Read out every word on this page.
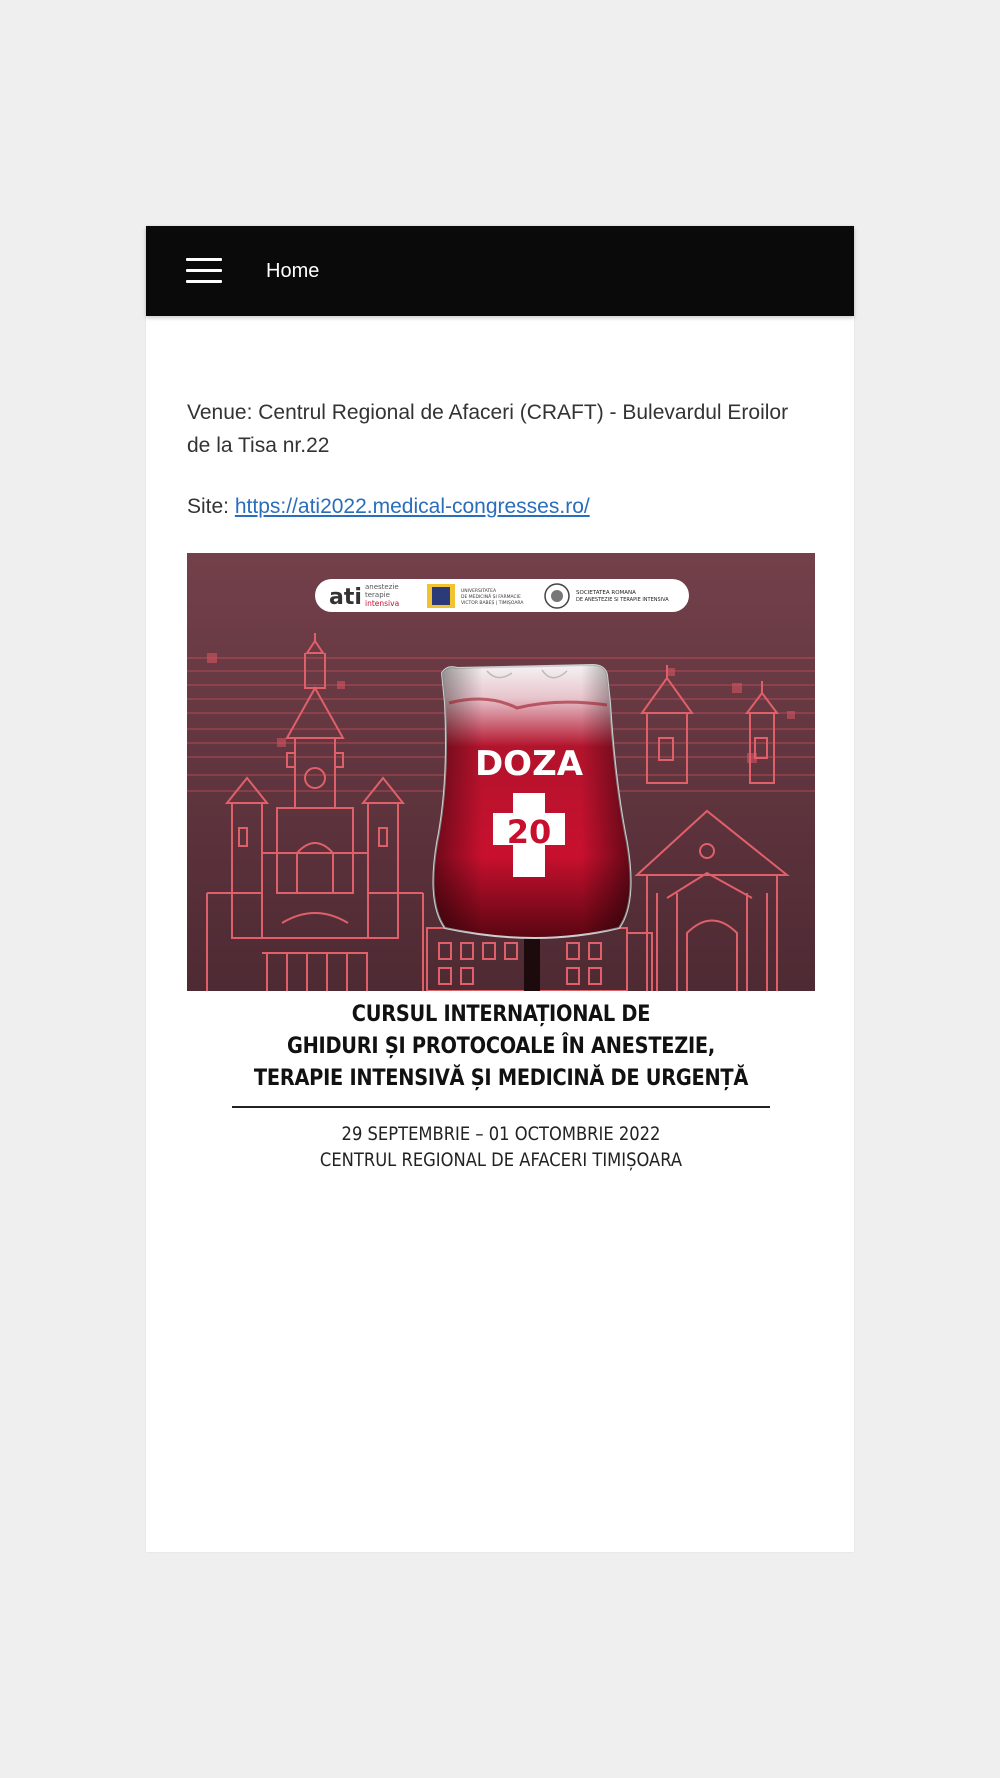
Home

Venue: Centrul Regional de Afaceri (CRAFT) - Bulevardul Eroilor de la Tisa nr.22

Site: https://ati2022.medical-congresses.ro/

DOZA
20
ati anestezie
terapie
intensiva
UNIVERSITATEA
DE MEDICINĂ ȘI FARMACIE
VICTOR BABEȘ | TIMIȘOARA
SOCIETATEA ROMANA
DE ANESTEZIE SI TERAPIE INTENSIVA
CURSUL INTERNAȚIONAL DE
GHIDURI ȘI PROTOCOALE ÎN ANESTEZIE,
TERAPIE INTENSIVĂ ȘI MEDICINĂ DE URGENȚĂ
29 SEPTEMBRIE – 01 OCTOMBRIE 2022
CENTRUL REGIONAL DE AFACERI TIMIȘOARA
